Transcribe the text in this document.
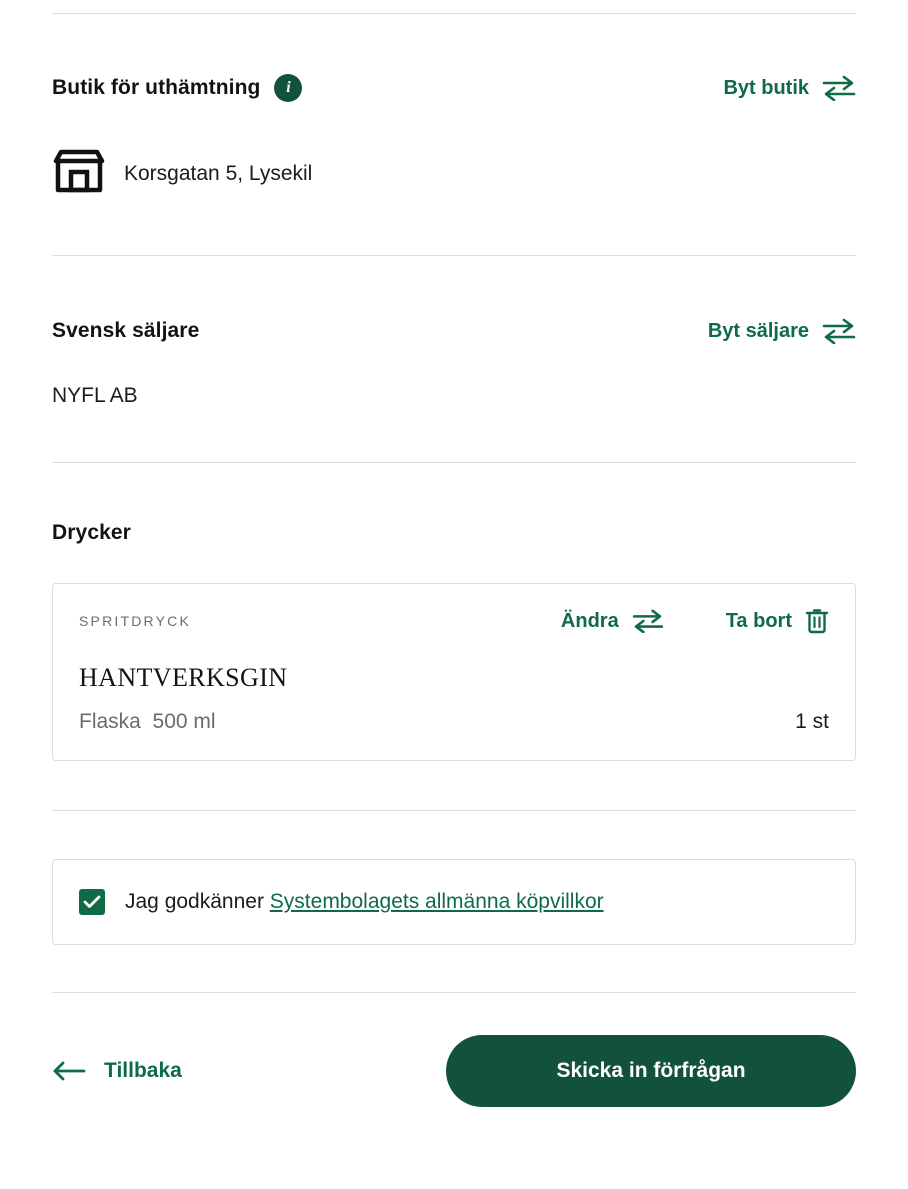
Butik för uthämtning	i	Byt butik
Korsgatan 5, Lysekil
Svensk säljare	Byt säljare
NYFL AB
Drycker
SPRITDRYCK	Ändra	Ta bort
HANTVERKSGIN
Flaska 500 ml	1 st
Jag godkänner Systembolagets allmänna köpvillkor
Tillbaka	Skicka in förfrågan
